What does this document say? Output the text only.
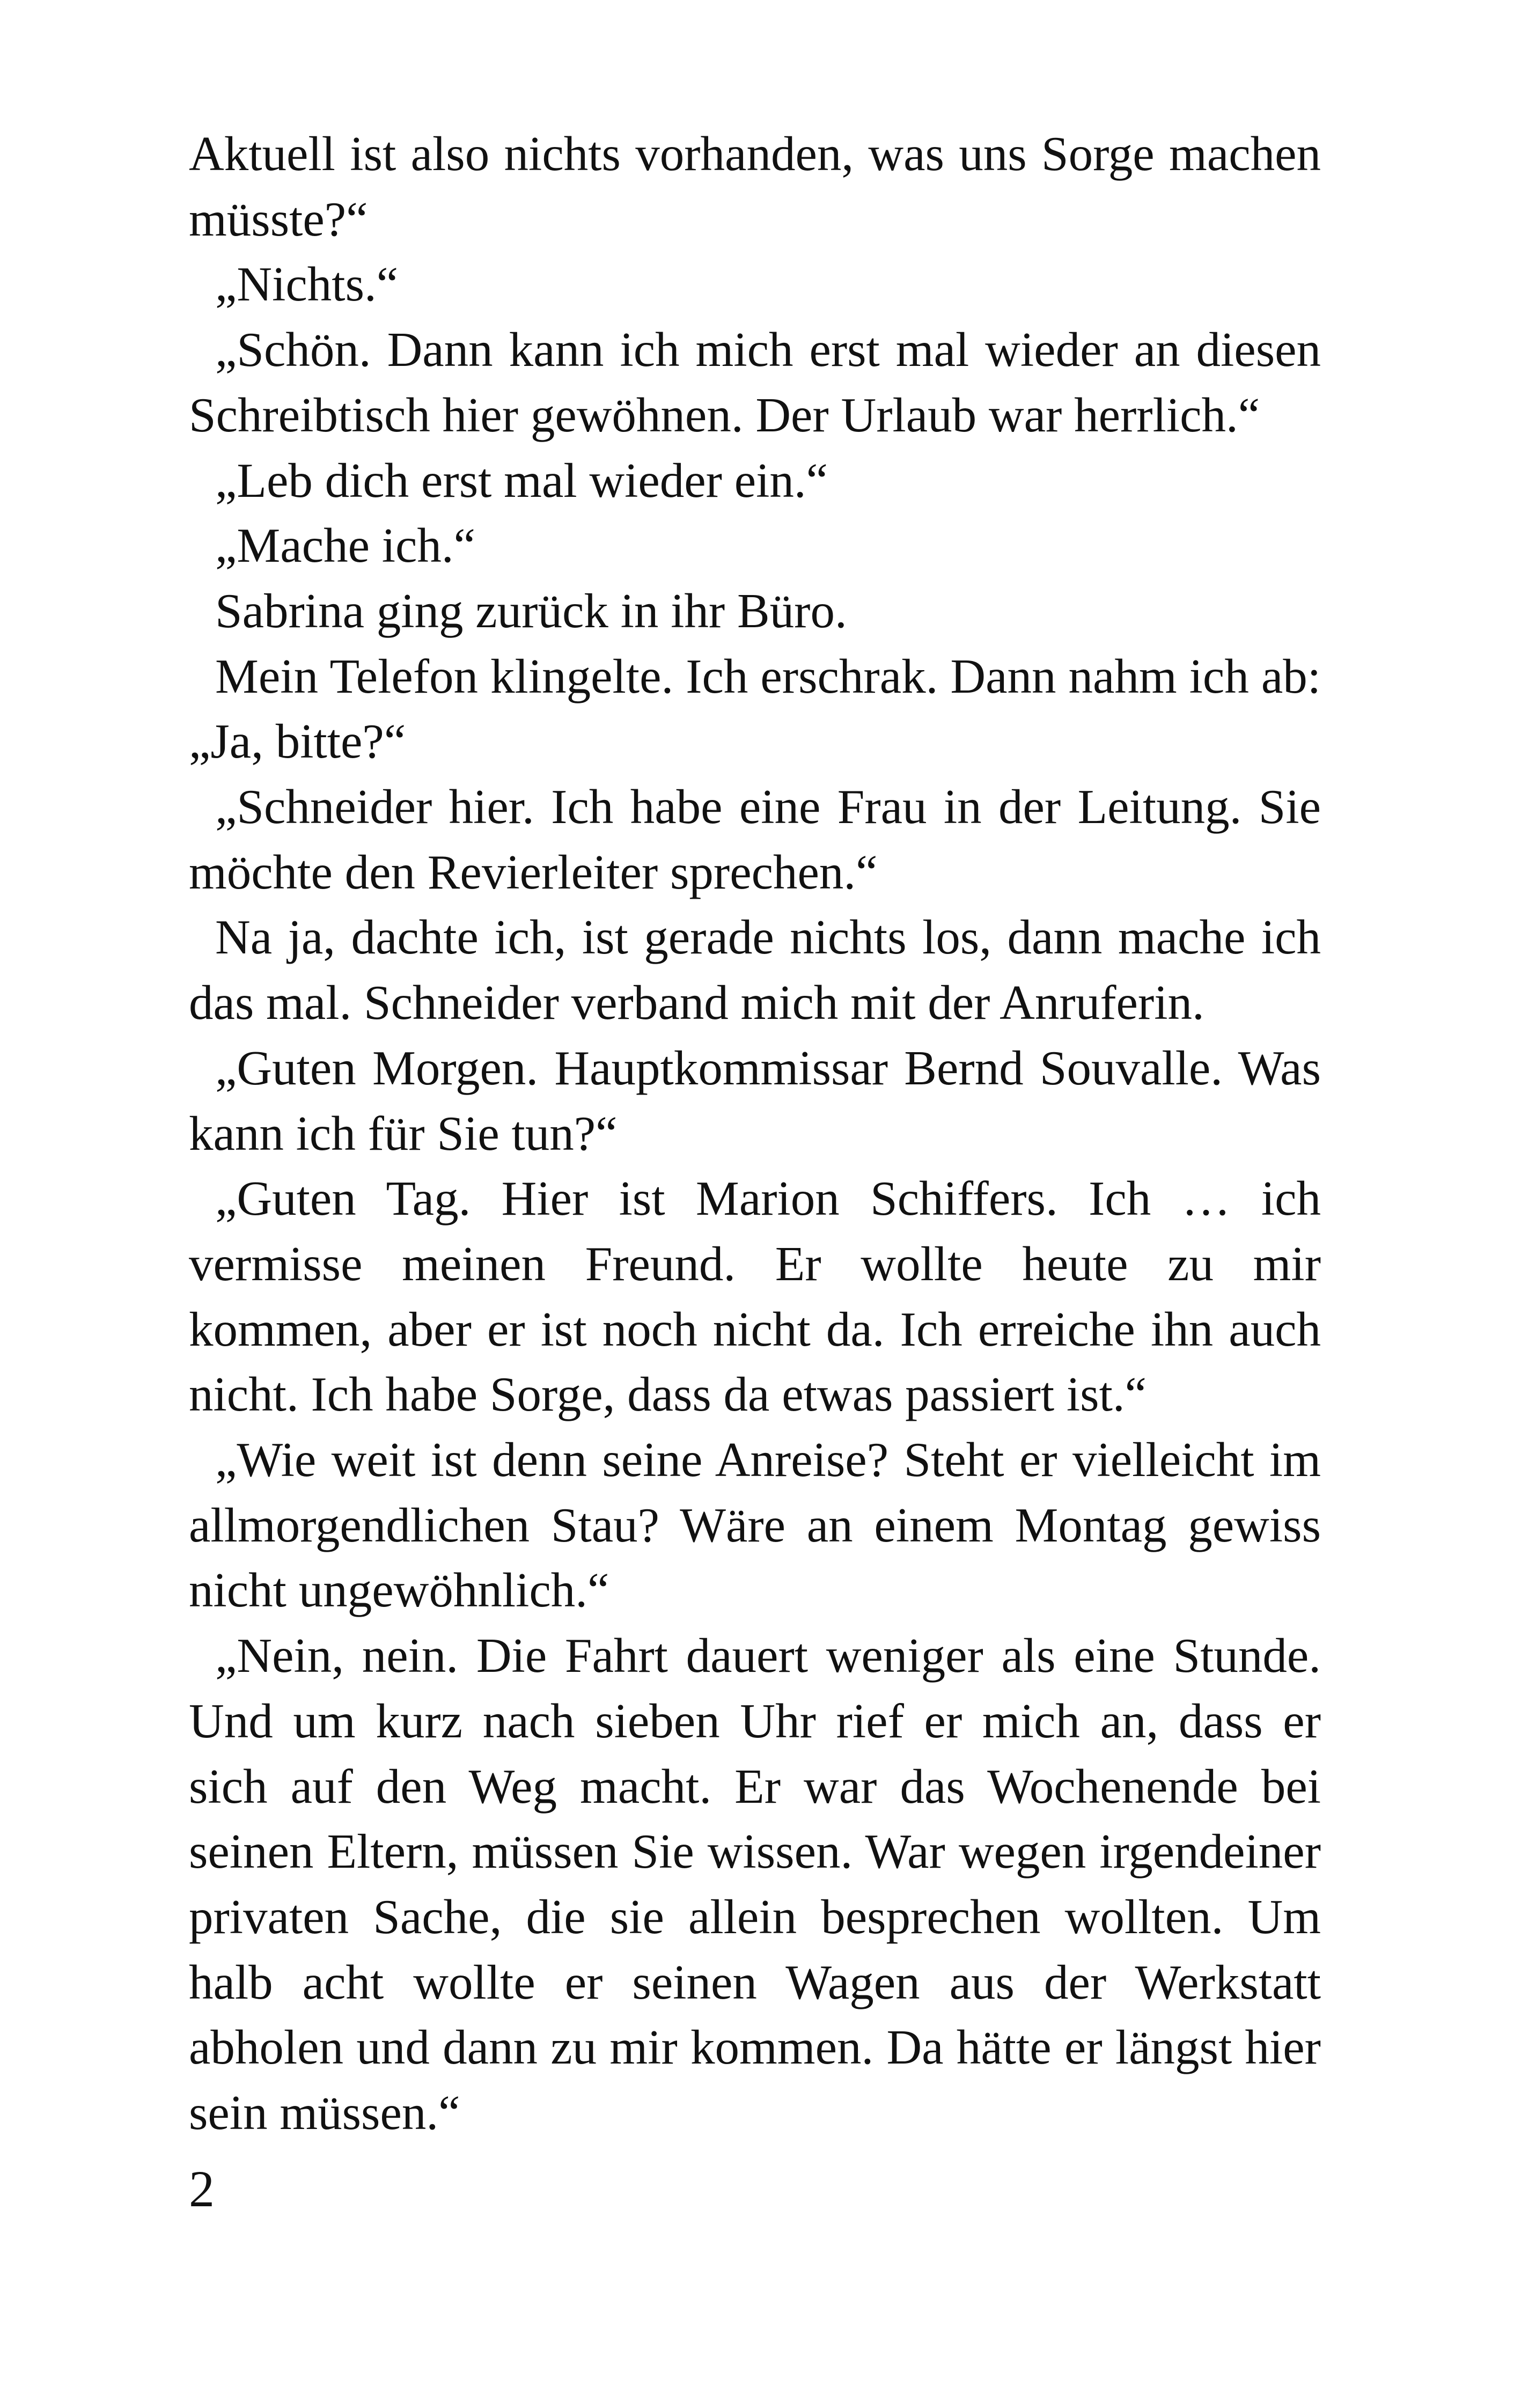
Aktuell ist also nichts vorhanden, was uns Sorge machen müsste?“

„Nichts.“

„Schön. Dann kann ich mich erst mal wieder an diesen Schreibtisch hier gewöhnen. Der Urlaub war herrlich.“

„Leb dich erst mal wieder ein.“

„Mache ich.“

Sabrina ging zurück in ihr Büro.

Mein Telefon klingelte. Ich erschrak. Dann nahm ich ab: „Ja, bitte?“

„Schneider hier. Ich habe eine Frau in der Leitung. Sie möchte den Revierleiter sprechen.“

Na ja, dachte ich, ist gerade nichts los, dann mache ich das mal. Schneider verband mich mit der Anruferin.

„Guten Morgen. Hauptkommissar Bernd Souvalle. Was kann ich für Sie tun?“

„Guten Tag. Hier ist Marion Schiffers. Ich … ich vermisse meinen Freund. Er wollte heute zu mir kommen, aber er ist noch nicht da. Ich erreiche ihn auch nicht. Ich habe Sorge, dass da etwas passiert ist.“

„Wie weit ist denn seine Anreise? Steht er vielleicht im allmorgendlichen Stau? Wäre an einem Montag gewiss nicht ungewöhnlich.“

„Nein, nein. Die Fahrt dauert weniger als eine Stunde. Und um kurz nach sieben Uhr rief er mich an, dass er sich auf den Weg macht. Er war das Wochenende bei seinen Eltern, müssen Sie wissen. War wegen irgendeiner privaten Sache, die sie allein besprechen wollten. Um halb acht wollte er seinen Wagen aus der Werkstatt abholen und dann zu mir kommen. Da hätte er längst hier sein müssen.“

2
